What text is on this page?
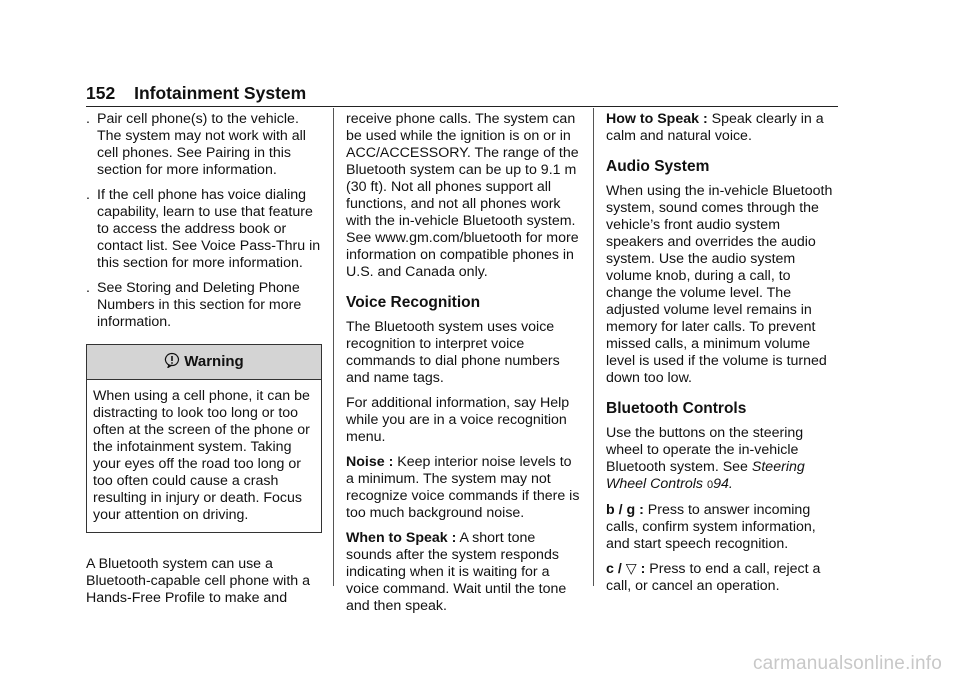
152 Infotainment System
. Pair cell phone(s) to the vehicle. The system may not work with all cell phones. See Pairing in this section for more information.
. If the cell phone has voice dialing capability, learn to use that feature to access the address book or contact list. See Voice Pass-Thru in this section for more information.
. See Storing and Deleting Phone Numbers in this section for more information.
Warning
When using a cell phone, it can be distracting to look too long or too often at the screen of the phone or the infotainment system. Taking your eyes off the road too long or too often could cause a crash resulting in injury or death. Focus your attention on driving.

A Bluetooth system can use a Bluetooth-capable cell phone with a Hands-Free Profile to make and

receive phone calls. The system can be used while the ignition is on or in ACC/ACCESSORY. The range of the Bluetooth system can be up to 9.1 m (30 ft). Not all phones support all functions, and not all phones work with the in-vehicle Bluetooth system. See www.gm.com/bluetooth for more information on compatible phones in U.S. and Canada only.

Voice Recognition

The Bluetooth system uses voice recognition to interpret voice commands to dial phone numbers and name tags.

For additional information, say Help while you are in a voice recognition menu.

Noise : Keep interior noise levels to a minimum. The system may not recognize voice commands if there is too much background noise.

When to Speak : A short tone sounds after the system responds indicating when it is waiting for a voice command. Wait until the tone and then speak.

How to Speak : Speak clearly in a calm and natural voice.

Audio System

When using the in-vehicle Bluetooth system, sound comes through the vehicle’s front audio system speakers and overrides the audio system. Use the audio system volume knob, during a call, to change the volume level. The adjusted volume level remains in memory for later calls. To prevent missed calls, a minimum volume level is used if the volume is turned down too low.

Bluetooth Controls

Use the buttons on the steering wheel to operate the in-vehicle Bluetooth system. See Steering Wheel Controls 094.

b / g : Press to answer incoming calls, confirm system information, and start speech recognition.

c / ▽ : Press to end a call, reject a call, or cancel an operation.

carmanualsonline.info
